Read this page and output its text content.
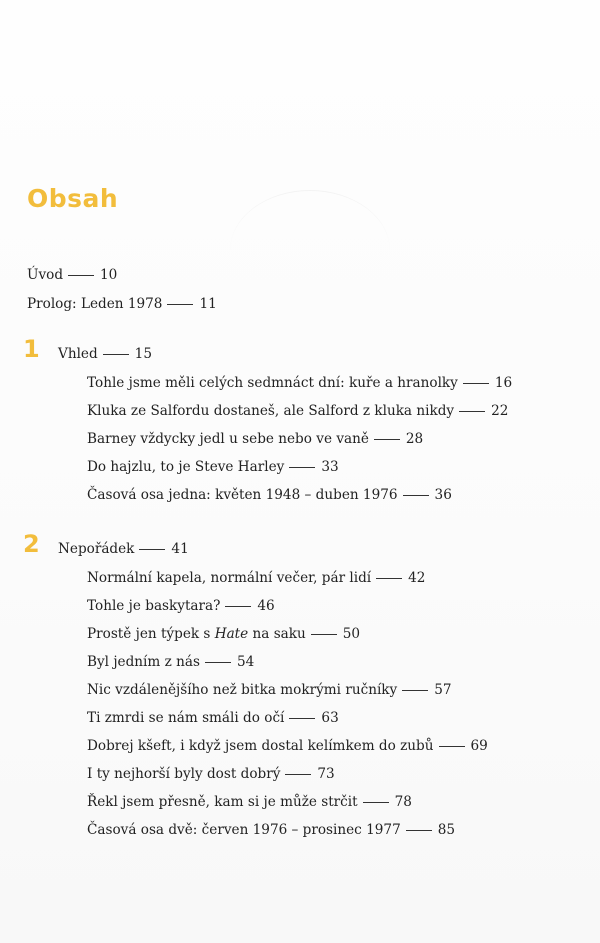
Obsah
Úvod	10
Prolog: Leden 1978	11
1 Vhled	15
Tohle jsme měli celých sedmnáct dní: kuře a hranolky	16
Kluka ze Salfordu dostaneš, ale Salford z kluka nikdy	22
Barney vždycky jedl u sebe nebo ve vaně	28
Do hajzlu, to je Steve Harley	33
Časová osa jedna: květen 1948 – duben 1976	36
2 Nepořádek	41
Normální kapela, normální večer, pár lidí	42
Tohle je baskytara?	46
Prostě jen týpek s Hate na saku	50
Byl jedním z nás	54
Nic vzdálenějšího než bitka mokrými ručníky	57
Ti zmrdi se nám smáli do očí	63
Dobrej kšeft, i když jsem dostal kelímkem do zubů	69
I ty nejhorší byly dost dobrý	73
Řekl jsem přesně, kam si je může strčit	78
Časová osa dvě: červen 1976 – prosinec 1977	85
